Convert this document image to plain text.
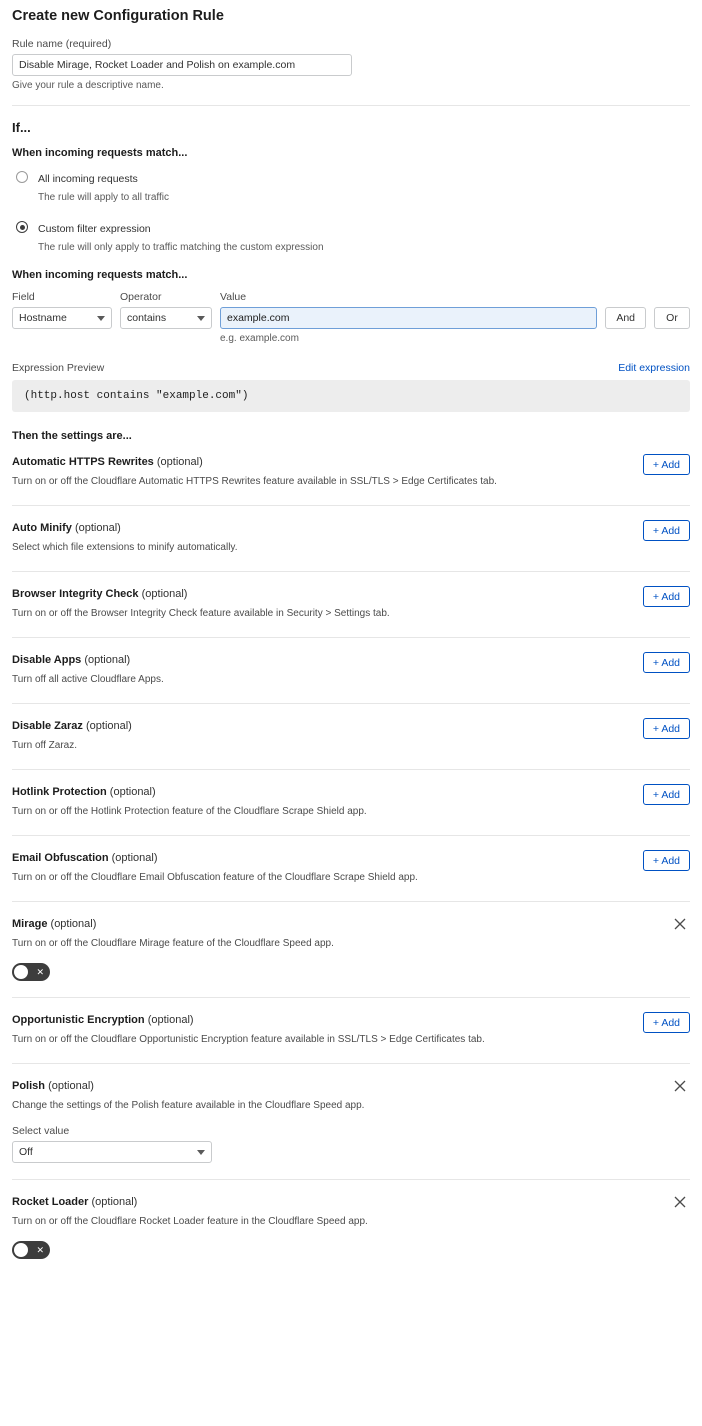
Create new Configuration Rule
Rule name (required)
Disable Mirage, Rocket Loader and Polish on example.com
Give your rule a descriptive name.
If...
When incoming requests match...
All incoming requests
The rule will apply to all traffic
Custom filter expression
The rule will only apply to traffic matching the custom expression
When incoming requests match...
Field
Hostname
Operator
contains
Value
example.com
e.g. example.com
And	Or
Expression Preview	Edit expression
(http.host contains "example.com")
Then the settings are...
Automatic HTTPS Rewrites (optional)
Turn on or off the Cloudflare Automatic HTTPS Rewrites feature available in SSL/TLS > Edge Certificates tab.
+ Add
Auto Minify (optional)
Select which file extensions to minify automatically.
+ Add
Browser Integrity Check (optional)
Turn on or off the Browser Integrity Check feature available in Security > Settings tab.
+ Add
Disable Apps (optional)
Turn off all active Cloudflare Apps.
+ Add
Disable Zaraz (optional)
Turn off Zaraz.
+ Add
Hotlink Protection (optional)
Turn on or off the Hotlink Protection feature of the Cloudflare Scrape Shield app.
+ Add
Email Obfuscation (optional)
Turn on or off the Cloudflare Email Obfuscation feature of the Cloudflare Scrape Shield app.
+ Add
Mirage (optional)
Turn on or off the Cloudflare Mirage feature of the Cloudflare Speed app.
✕
Opportunistic Encryption (optional)
Turn on or off the Cloudflare Opportunistic Encryption feature available in SSL/TLS > Edge Certificates tab.
+ Add
Polish (optional)
Change the settings of the Polish feature available in the Cloudflare Speed app.
Select value
Off
Rocket Loader (optional)
Turn on or off the Cloudflare Rocket Loader feature in the Cloudflare Speed app.
✕
